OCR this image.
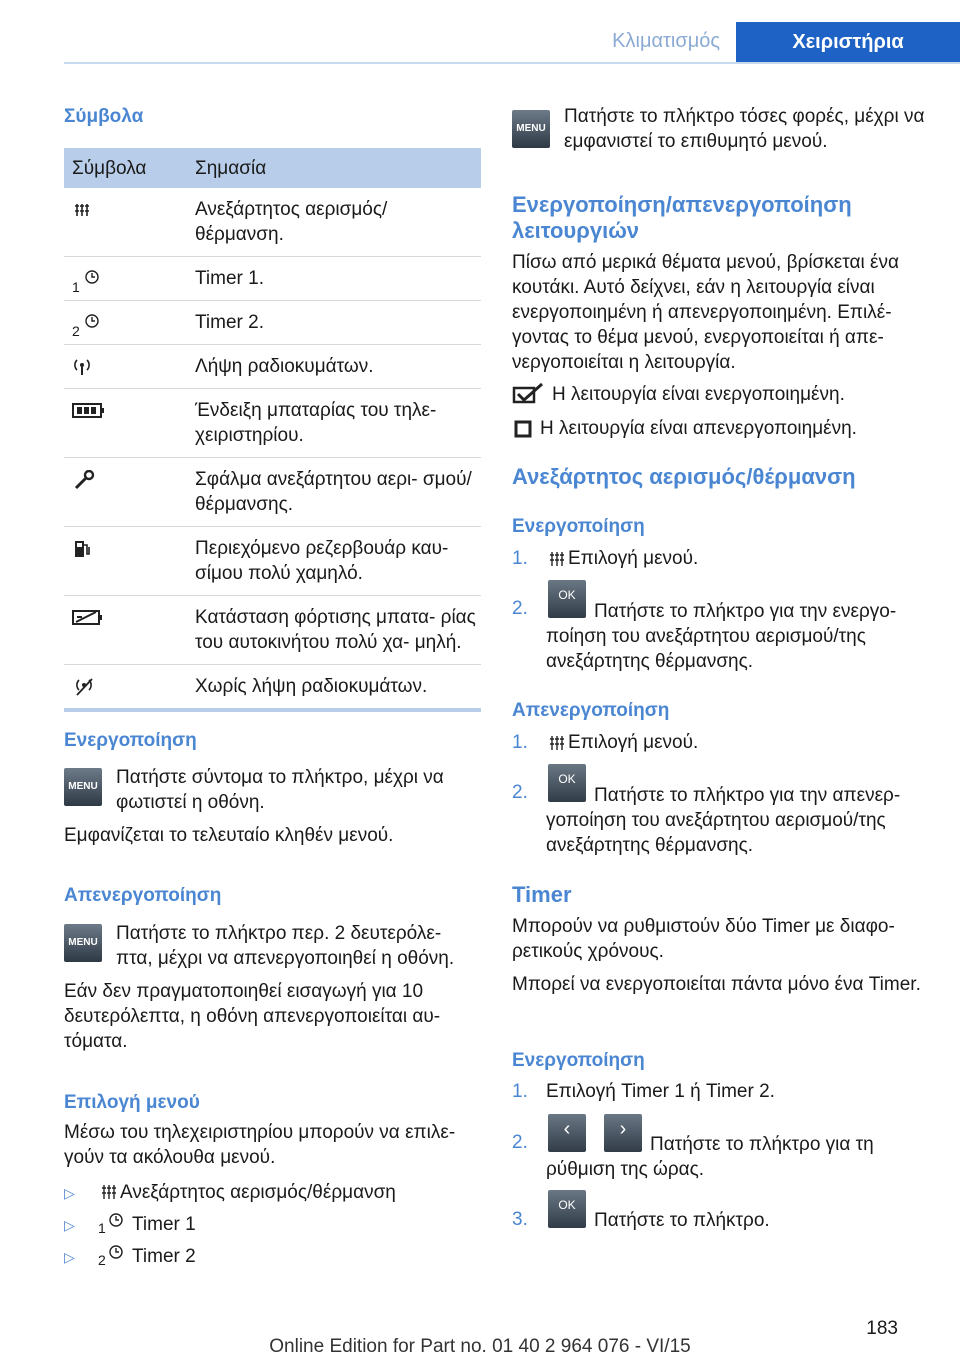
Κλιματισμός	Χειριστήρια
Σύμβολα
Σύμβολα	Σημασία
Ανεξάρτητος αερισμός/ θέρμανση.
1	Timer 1.
2	Timer 2.
Λήψη ραδιοκυμάτων.
Ένδειξη μπαταρίας του τηλε- χειριστηρίου.
Σφάλμα ανεξάρτητου αερι- σμού/θέρμανσης.
Περιεχόμενο ρεζερβουάρ καυ- σίμου πολύ χαμηλό.
Κατάσταση φόρτισης μπατα- ρίας του αυτοκινήτου πολύ χα- μηλή.
Χωρίς λήψη ραδιοκυμάτων.
Ενεργοποίηση
MENU Πατήστε σύντομα το πλήκτρο, μέχρι να φωτιστεί η οθόνη.
Εμφανίζεται το τελευταίο κληθέν μενού.
Απενεργοποίηση
MENU Πατήστε το πλήκτρο περ. 2 δευτερόλε- πτα, μέχρι να απενεργοποιηθεί η οθόνη.
Εάν δεν πραγματοποιηθεί εισαγωγή για 10 δευτερόλεπτα, η οθόνη απενεργοποιείται αυ- τόματα.
Επιλογή μενού
Μέσω του τηλεχειριστηρίου μπορούν να επιλε- γούν τα ακόλουθα μενού.
▷ Ανεξάρτητος αερισμός/θέρμανση
▷ 1 Timer 1
▷ 2 Timer 2
MENU
Πατήστε το πλήκτρο τόσες φορές, μέχρι να εμφανιστεί το επιθυμητό μενού.
Ενεργοποίηση/απενεργοποίηση λειτουργιών
Πίσω από μερικά θέματα μενού, βρίσκεται ένα κουτάκι. Αυτό δείχνει, εάν η λειτουργία είναι ενεργοποιημένη ή απενεργοποιημένη. Επιλέ- γοντας το θέμα μενού, ενεργοποιείται ή απε- νεργοποιείται η λειτουργία.
Η λειτουργία είναι ενεργοποιημένη.
Η λειτουργία είναι απενεργοποιημένη.
Ανεξάρτητος αερισμός/θέρμανση
Ενεργοποίηση
1. Επιλογή μενού.
2.
OK
Πατήστε το πλήκτρο για την ενεργο- ποίηση του ανεξάρτητου αερισμού/της ανεξάρτητης θέρμανσης.
Απενεργοποίηση
1. Επιλογή μενού.
2.
OK
Πατήστε το πλήκτρο για την απενερ- γοποίηση του ανεξάρτητου αερισμού/της ανεξάρτητης θέρμανσης.
Timer
Μπορούν να ρυθμιστούν δύο Timer με διαφο- ρετικούς χρόνους.
Μπορεί να ενεργοποιείται πάντα μόνο ένα Timer.
Ενεργοποίηση
1. Επιλογή Timer 1 ή Timer 2.
2.
‹	›
Πατήστε το πλήκτρο για τη ρύθμιση της ώρας.
3.
OK
Πατήστε το πλήκτρο.
183
Online Edition for Part no. 01 40 2 964 076 - VI/15
